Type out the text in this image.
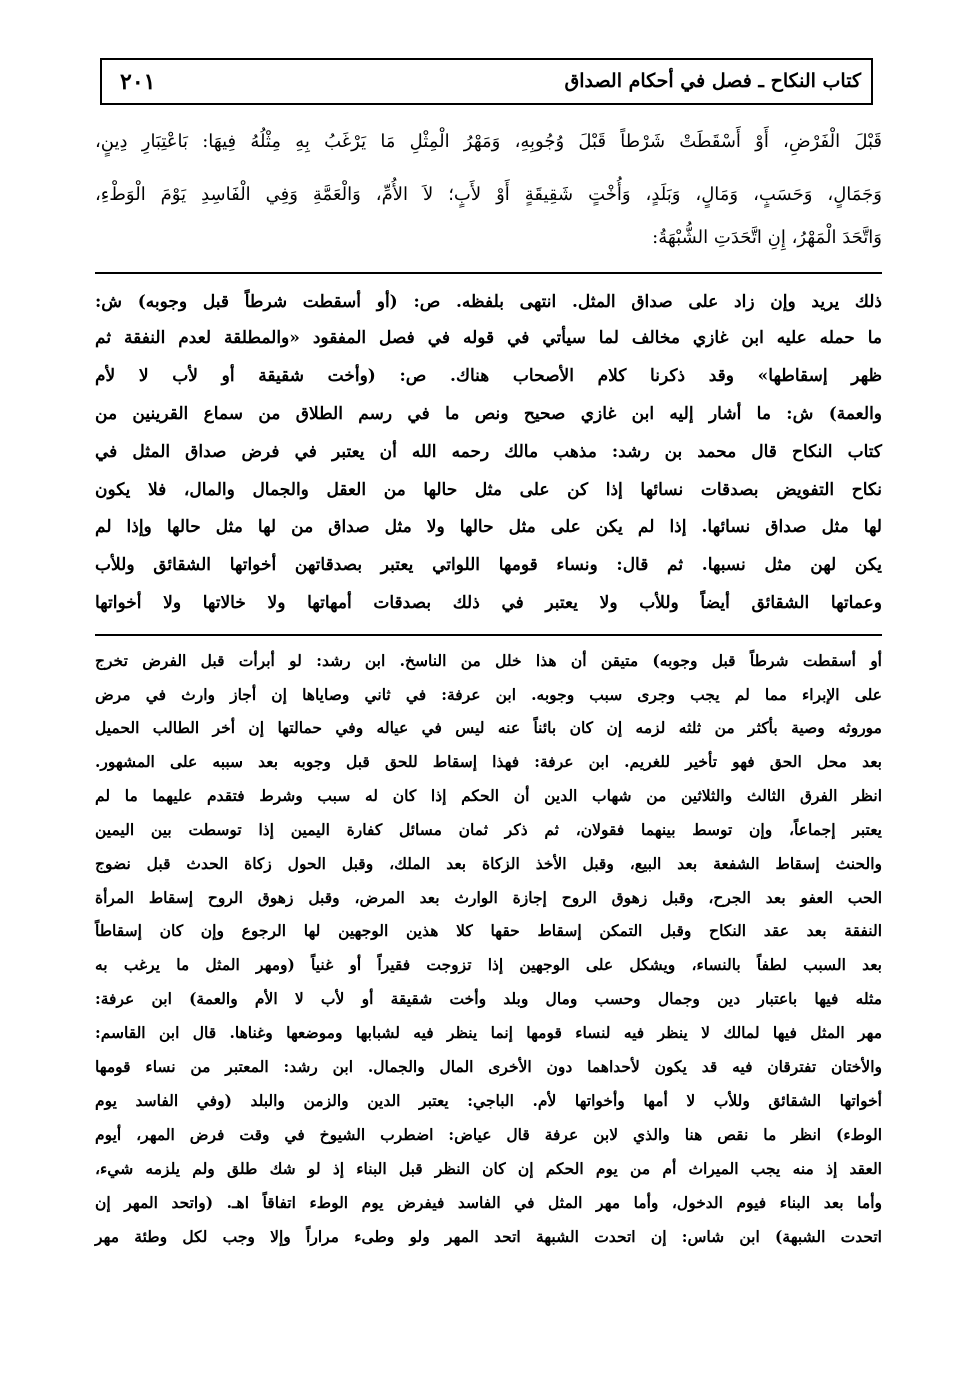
كتاب النكاح ـ فصل في أحكام الصداق
٢٠١
قَبْلَ الْفَرْضِ، أَوْ أَسْقَطَتْ شَرْطاً قَبْلَ وُجُوبِهِ، وَمَهْرُ الْمِثْلِ مَا يَرْغَبُ بِهِ مِثْلُهُ فِيهَا: بَاعْتِبَارِ دِينٍ،
وَجَمَالٍ، وَحَسَبٍ، وَمَالٍ، وَبَلَدٍ، وَأُخْتٍ شَقِيقَةٍ أَوْ لأَبٍ؛ لاَ الأُمِّ، وَالْعَمَّةِ وَفِي الْفَاسِدِ يَوْمَ الْوَطْءِ،
وَاتَّحَدَ الْمَهْرُ، إِنِ اتَّحَدَتِ الشُّبْهَةُ:
ذلك يريد وإن زاد على صداق المثل. انتهى بلفظه. ص: (أو أسقطت شرطاً قبل وجوبه) ش:
ما حمله عليه ابن غازي مخالف لما سيأتي في قوله في فصل المفقود «والمطلقة لعدم النفقة ثم
ظهر إسقاطها» وقد ذكرنا كلام الأصحاب هناك. ص: (وأخت شقيقة أو لأب لا لأم
والعمة) ش: ما أشار إليه ابن غازي صحيح ونص ما في رسم الطلاق من سماع القرينين من
كتاب النكاح قال محمد بن رشد: مذهب مالك رحمه الله أن يعتبر في فرض صداق المثل في
نكاح التفويض بصدقات نسائها إذا كن على مثل حالها من العقل والجمال والمال، فلا يكون
لها مثل صداق نسائها. إذا لم يكن على مثل حالها ولا مثل صداق من لها مثل حالها وإذا لم
يكن لهن مثل نسبها. ثم قال: ونساء قومها اللواتي يعتبر بصدقاتهن أخواتها الشقائق وللأب
وعماتها الشقائق أيضاً وللأب ولا يعتبر في ذلك بصدقات أمهاتها ولا خالاتها ولا أخواتها
أو أسقطت شرطاً قبل وجوبه) متيقن أن هذا خلل من الناسخ. ابن رشد: لو أبرأت قبل الفرض تخرج
على الإبراء مما لم يجب وجرى سبب وجوبه. ابن عرفة: في ثاني وصاياها إن أجاز وارث في مرض
موروثه وصية بأكثر من ثلثه لزمه إن كان بائناً عنه ليس في عياله وفي حمالتها إن أخر الطالب الحميل
بعد محل الحق فهو تأخير للغريم. ابن عرفة: فهذا إسقاط للحق قبل وجوبه بعد سببه على المشهور.
انظر الفرق الثالث والثلاثين من شهاب الدين أن الحكم إذا كان له سبب وشرط فتقدم عليهما ما لم
يعتبر إجماعاً، وإن توسط بينهما فقولان، ثم ذكر ثمان مسائل كفارة اليمين إذا توسطت بين اليمين
والحنث إسقاط الشفعة بعد البيع، وقبل الأخذ الزكاة بعد الملك، وقبل الحول زكاة الحدث قبل نضوج
الحب العفو بعد الجرح، وقبل زهوق الروح إجازة الوارث بعد المرض، وقبل زهوق الروح إسقاط المرأة
النفقة بعد عقد النكاح وقبل التمكن إسقاط حقها كلا هذين الوجهين لها الرجوع وإن كان إسقاطاً
بعد السبب لطفاً بالنساء، ويشكل على الوجهين إذا تزوجت فقيراً أو غنياً (ومهر المثل ما يرغب به
مثله فيها باعتبار دين وجمال وحسب ومال وبلد وأخت شقيقة أو لأب لا الأم والعمة) ابن عرفة:
مهر المثل فيها لمالك لا ينظر فيه لنساء قومها إنما ينظر فيه لشبابها وموضعها وغناها. قال ابن القاسم:
والأختان تفترقان فيه قد يكون لأحداهما دون الأخرى المال والجمال. ابن رشد: المعتبر من نساء قومها
أخواتها الشقائق وللأب لا أمها وأخواتها لأم. الباجي: يعتبر الدين والزمن والبلد (وفي الفاسد يوم
الوطء) انظر ما نقص هنا والذي لابن عرفة قال عياض: اضطرب الشيوخ في وقت فرض المهر، أيوم
العقد إذ منه يجب الميراث أم من يوم الحكم إن كان النظر قبل البناء إذ لو شك طلق ولم يلزمه شيء،
وأما بعد البناء فيوم الدخول، وأما مهر المثل في الفاسد فيفرض يوم الوطء اتفاقاً اهـ. (واتحد المهر إن
اتحدت الشبهة) ابن شاس: إن اتحدت الشبهة اتحد المهر ولو وطىء مراراً وإلا وجب لكل وطئة مهر
